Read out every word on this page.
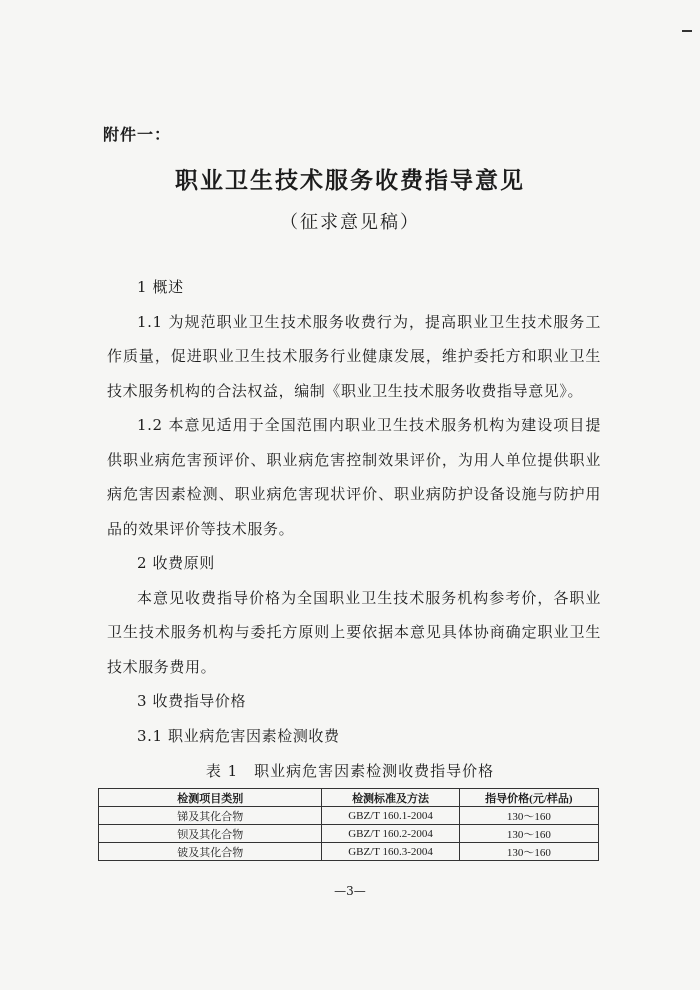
附件一：

职业卫生技术服务收费指导意见

（征求意见稿）

1 概述

1.1 为规范职业卫生技术服务收费行为，提高职业卫生技术服务工作质量，促进职业卫生技术服务行业健康发展，维护委托方和职业卫生技术服务机构的合法权益，编制《职业卫生技术服务收费指导意见》。

1.2 本意见适用于全国范围内职业卫生技术服务机构为建设项目提供职业病危害预评价、职业病危害控制效果评价，为用人单位提供职业病危害因素检测、职业病危害现状评价、职业病防护设备设施与防护用品的效果评价等技术服务。

2 收费原则

本意见收费指导价格为全国职业卫生技术服务机构参考价，各职业卫生技术服务机构与委托方原则上要依据本意见具体协商确定职业卫生技术服务费用。

3 收费指导价格

3.1 职业病危害因素检测收费

表 1　职业病危害因素检测收费指导价格

检测项目类别	检测标准及方法	指导价格(元/样品)
锑及其化合物	GBZ/T 160.1-2004	130～160
钡及其化合物	GBZ/T 160.2-2004	130～160
铍及其化合物	GBZ/T 160.3-2004	130～160

—3—
